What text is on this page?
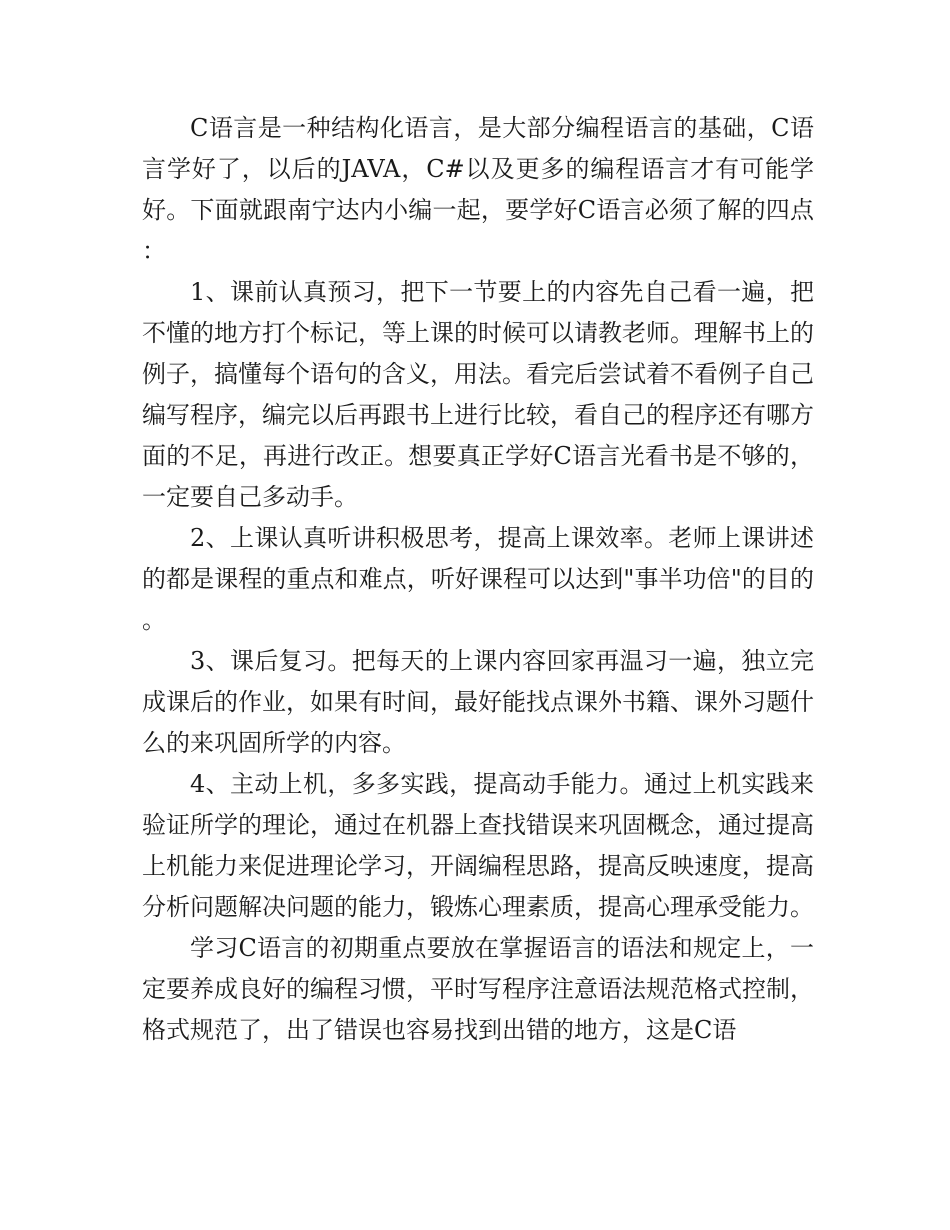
C语言是一种结构化语言，是大部分编程语言的基础，C语言学好了，以后的JAVA，C#以及更多的编程语言才有可能学好。下面就跟南宁达内小编一起，要学好C语言必须了解的四点：

1、课前认真预习，把下一节要上的内容先自己看一遍，把不懂的地方打个标记，等上课的时候可以请教老师。理解书上的例子，搞懂每个语句的含义，用法。看完后尝试着不看例子自己编写程序，编完以后再跟书上进行比较，看自己的程序还有哪方面的不足，再进行改正。想要真正学好C语言光看书是不够的，一定要自己多动手。

2、上课认真听讲积极思考，提高上课效率。老师上课讲述的都是课程的重点和难点，听好课程可以达到"事半功倍"的目的。

3、课后复习。把每天的上课内容回家再温习一遍，独立完成课后的作业，如果有时间，最好能找点课外书籍、课外习题什么的来巩固所学的内容。

4、主动上机，多多实践，提高动手能力。通过上机实践来验证所学的理论，通过在机器上查找错误来巩固概念，通过提高上机能力来促进理论学习，开阔编程思路，提高反映速度，提高分析问题解决问题的能力，锻炼心理素质，提高心理承受能力。

学习C语言的初期重点要放在掌握语言的语法和规定上，一定要养成良好的编程习惯，平时写程序注意语法规范格式控制，格式规范了，出了错误也容易找到出错的地方，这是C语
